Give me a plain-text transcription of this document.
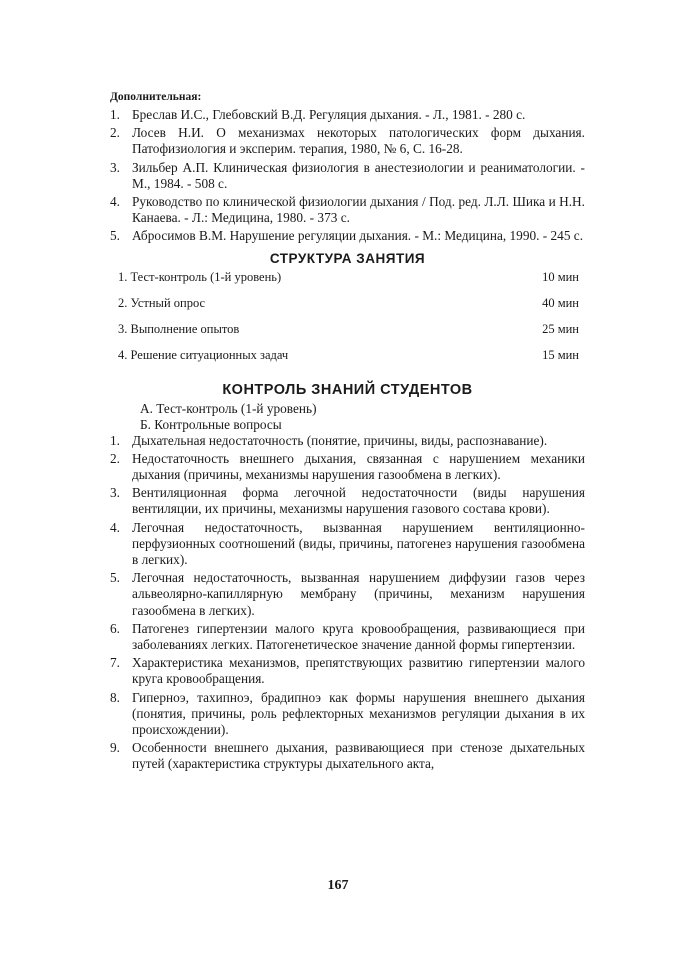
Дополнительная:
1. Бреслав И.С., Глебовский В.Д. Регуляция дыхания. - Л., 1981. - 280 с.
2. Лосев Н.И. О механизмах некоторых патологических форм дыхания. Патофизиология и эксперим. терапия, 1980, № 6, С. 16-28.
3. Зильбер А.П. Клиническая физиология в анестезиологии и реаниматологии. - М., 1984. - 508 с.
4. Руководство по клинической физиологии дыхания / Под. ред. Л.Л. Шика и Н.Н. Канаева. - Л.: Медицина, 1980. - 373 с.
5. Абросимов В.М. Нарушение регуляции дыхания. - М.: Медицина, 1990. - 245 с.
СТРУКТУРА ЗАНЯТИЯ
1. Тест-контроль (1-й уровень)	10 мин
2. Устный опрос	40 мин
3. Выполнение опытов	25 мин
4. Решение ситуационных задач	15 мин
КОНТРОЛЬ ЗНАНИЙ СТУДЕНТОВ
А. Тест-контроль (1-й уровень)
Б. Контрольные вопросы
1. Дыхательная недостаточность (понятие, причины, виды, распознавание).
2. Недостаточность внешнего дыхания, связанная с нарушением механики дыхания (причины, механизмы нарушения газообмена в легких).
3. Вентиляционная форма легочной недостаточности (виды нарушения вентиляции, их причины, механизмы нарушения газового состава крови).
4. Легочная недостаточность, вызванная нарушением вентиляционно-перфузионных соотношений (виды, причины, патогенез нарушения газообмена в легких).
5. Легочная недостаточность, вызванная нарушением диффузии газов через альвеолярно-капиллярную мембрану (причины, механизм нарушения газообмена в легких).
6. Патогенез гипертензии малого круга кровообращения, развивающиеся при заболеваниях легких. Патогенетическое значение данной формы гипертензии.
7. Характеристика механизмов, препятствующих развитию гипертензии малого круга кровообращения.
8. Гиперноэ, тахипноэ, брадипноэ как формы нарушения внешнего дыхания (понятия, причины, роль рефлекторных механизмов регуляции дыхания в их происхождении).
9. Особенности внешнего дыхания, развивающиеся при стенозе дыхательных путей (характеристика структуры дыхательного акта,
167
